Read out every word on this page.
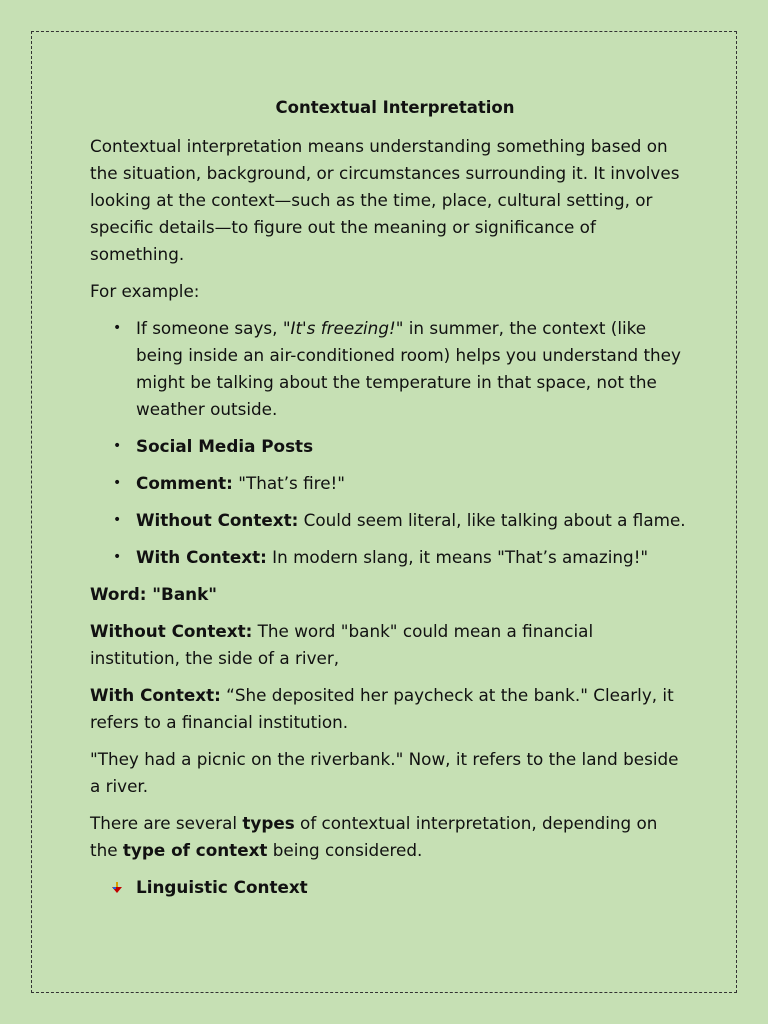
Contextual Interpretation

Contextual interpretation means understanding something based on the situation, background, or circumstances surrounding it. It involves looking at the context—such as the time, place, cultural setting, or specific details—to figure out the meaning or significance of something.

For example:

• If someone says, "It's freezing!" in summer, the context (like being inside an air-conditioned room) helps you understand they might be talking about the temperature in that space, not the weather outside.
• Social Media Posts
• Comment: "That’s fire!"
• Without Context: Could seem literal, like talking about a flame.
• With Context: In modern slang, it means "That’s amazing!"

Word: "Bank"

Without Context: The word "bank" could mean a financial institution, the side of a river,

With Context: “She deposited her paycheck at the bank." Clearly, it refers to a financial institution.

"They had a picnic on the riverbank." Now, it refers to the land beside a river.

There are several types of contextual interpretation, depending on the type of context being considered.

Linguistic Context
